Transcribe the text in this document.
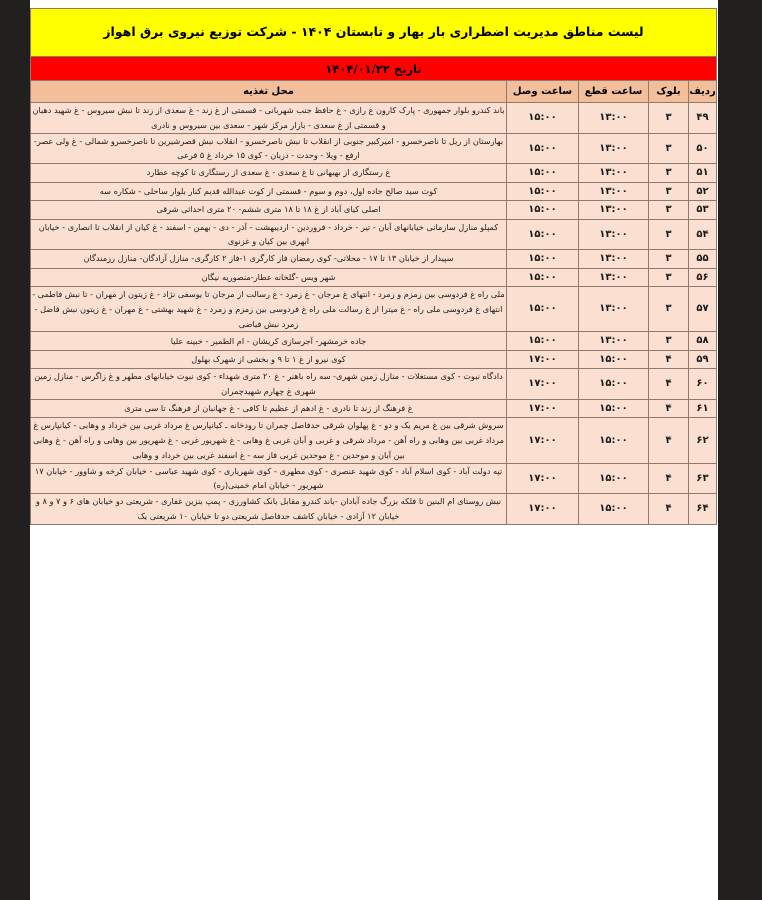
لیست مناطق مدیریت اضطراری بار بهار و تابستان ۱۴۰۴ - شرکت توزیع نیروی برق اهواز				
تاریخ ۱۴۰۴/۰۱/۲۲				
ردیف	بلوک	ساعت قطع	ساعت وصل	محل تغذیه
۴۹	۳	۱۳:۰۰	۱۵:۰۰	باند کندرو بلوار جمهوری - پارک کارون غ رازی - غ حافظ جنب شهربانی - قسمتی از غ زند - غ سعدی از زند تا نبش سیروس - غ شهید دهبان و قسمتی از غ سعدی - بازار مرکز شهر - سعدی بین سیروس و نادری
۵۰	۳	۱۳:۰۰	۱۵:۰۰	بهارستان از ریل تا ناصرخسرو - امیرکبیر جنوبی از انقلاب تا نبش ناصرخسرو - انقلاب نبش قصرشیرین تا ناصرخسرو شمالی - غ ولی عصر- ارفع - ویلا - وحدت - دزبان - کوی ۱۵ خرداد غ ۵ فرعی
۵۱	۳	۱۳:۰۰	۱۵:۰۰	غ رستگاری از بهبهانی تا غ سعدی - غ سعدی از رستگاری تا کوچه عطارد
۵۲	۳	۱۳:۰۰	۱۵:۰۰	کوت سید صالح جاده اول، دوم و سوم - قسمتی از کوت عبدالله قدیم کنار بلوار ساحلی - شکاره سه
۵۳	۳	۱۳:۰۰	۱۵:۰۰	اصلی کیای آباد از غ ۱۸ تا ۱۸ متری ششم- ۲۰ متری احداثی شرقی
۵۴	۳	۱۳:۰۰	۱۵:۰۰	کمپلو منازل سازمانی خیابانهای آبان - تیر - خرداد - فروردین - اردیبهشت - آذر - دی - بهمن - اسفند - غ کیان از انقلاب تا انصاری - خیابان ابهری بین کیان و غزنوی
۵۵	۳	۱۳:۰۰	۱۵:۰۰	سپیدار از خیابان ۱۳ تا ۱۷ - محلاتی- کوی رمضان فاز کارگری ۱-فاز ۲ کارگری- منازل آزادگان- منازل رزمندگان
۵۶	۳	۱۳:۰۰	۱۵:۰۰	شهر ویس -گلخانه عطار-منصوریه نیگان
۵۷	۳	۱۳:۰۰	۱۵:۰۰	ملی راه غ فردوسی بین زمزم و زمرد - انتهای غ مرجان - غ زمرد - غ رسالت از مرجان تا یوسفی نژاد - غ زیتون از مهران - تا نبش فاطمی - انتهای غ فردوسی ملی راه - غ میترا از غ رسالت ملی راه غ فردوسی بین زمزم و زمرد - غ شهید بهشتی - غ مهران - غ زیتون نبش فاضل - زمرد نبش فیاضی
۵۸	۳	۱۳:۰۰	۱۵:۰۰	جاده خرمشهر- آجرسازی کریشان - ام الطمیر - خبینه علیا
۵۹	۴	۱۵:۰۰	۱۷:۰۰	کوی نیرو از غ ۱ تا ۹ و بخشی از شهرک بهلول
۶۰	۴	۱۵:۰۰	۱۷:۰۰	دادگاه نبوت - کوی مستغلات - منازل زمین شهری- سه راه باهنر - غ ۲۰ متری شهداء - کوی نبوت خیابانهای مطهر و غ زاگرس - منازل زمین شهری غ چهارم شهیدچمران
۶۱	۴	۱۵:۰۰	۱۷:۰۰	غ فرهنگ از زند تا نادری - غ ادهم از عظیم تا کافی - غ جهانبان از فرهنگ تا سی متری
۶۲	۴	۱۵:۰۰	۱۷:۰۰	سروش شرقی بین غ مریم یک و دو - غ پهلوان شرقی حدفاصل چمران تا رودخانه ـ کیانپارس غ مرداد غربی بین خرداد و وهابی - کیانپارس غ مرداد غربی بین وهابی و راه آهن - مرداد شرقی و غربی و آبان غربی غ وهابی - غ شهریور غربی - غ شهریور بین وهابی و راه آهن - غ وهابی بین آبان و موحدین - غ موحدین غربی فاز سه - غ اسفند غربی بین خرداد و وهابی
۶۳	۴	۱۵:۰۰	۱۷:۰۰	تپه دولت آباد - کوی اسلام آباد - کوی شهید عنصری - کوی مطهری - کوی شهریاری - کوی شهید عباسی - خیابان کرخه و شاوور - خیابان ۱۷ شهریور - خیابان امام خمینی(ره)
۶۴	۴	۱۵:۰۰	۱۷:۰۰	نبش روستای ام البنین تا فلکه بزرگ جاده آبادان -باند کندرو مقابل بانک کشاورزی - پمپ بنزین غفاری - شریعتی دو خیابان های ۶ و ۷ و ۸ و خیابان ۱۲ آزادی - خیابان کاشف حدفاصل شریعتی دو تا خیابان ۱۰ شریعتی یک
